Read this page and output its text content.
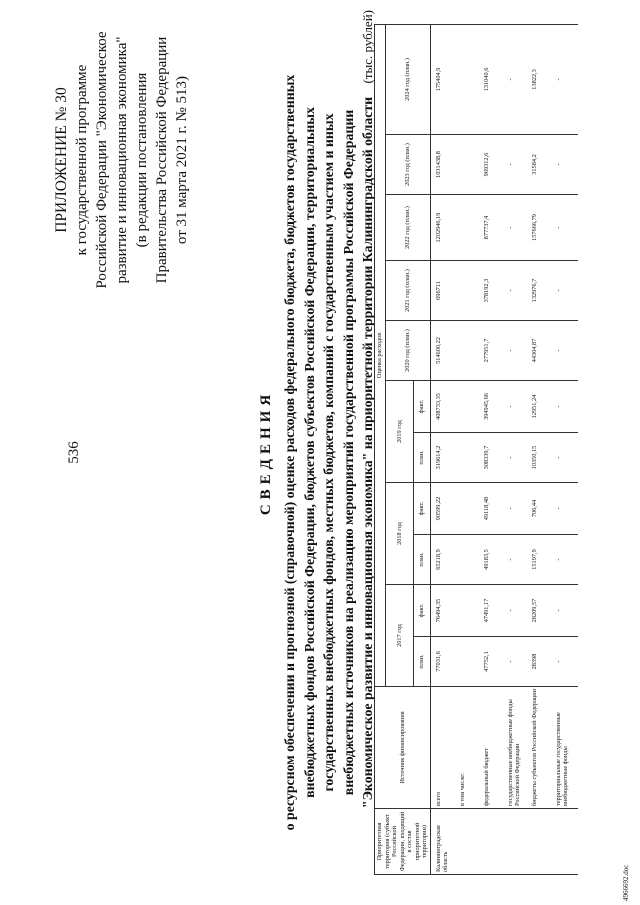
536
ПРИЛОЖЕНИЕ № 30 к государственной программе Российской Федерации "Экономическое развитие и инновационная экономика" (в редакции постановления Правительства Российской Федерации от 31 марта 2021 г. № 513)
СВЕДЕНИЯ о ресурсном обеспечении и прогнозной (справочной) оценке расходов федерального бюджета, бюджетов государственных внебюджетных фондов Российской Федерации, бюджетов субъектов Российской Федерации, территориальных государственных внебюджетных фондов, местных бюджетов, компаний с государственным участием и иных внебюджетных источников на реализацию мероприятий государственной программы Российской Федерации "Экономическое развитие и инновационная экономика" на приоритетной территории Калининградской области
(тыс. рублей)
Приоритетная территория (субъект Российской Федерации, входящий в состав приоритетной территории)	Источник финансирования	Оценка расходов										
		2017 год		2018 год		2019 год		2020 год (план.)	2021 год (план.)	2022 год (план.)	2023 год (план.)	2024 год (план.)
		план.	факт.	план.	факт.	план.	факт.					
Калининградская область	всего	77031,6	76494,35	65218,9	90599,22	319614,2	408733,35	514600,22	696711	1202946,19	1031438,8	175404,9
	в том числе:											
	федеральный бюджет	47752,1	47491,17	49183,5	49118,48	308339,7	394945,66	277951,7	378192,3	877737,4	969312,6	131040,6
	государственные внебюджетные фонды Российской Федерации	-	-	-	-	-	-	-	-	-	-	-
	бюджеты субъектов Российской Федерации	28398	28209,57	15197,9	706,44	10350,15	12951,24	44304,87	132976,7	157666,79	31584,2	13822,3
	территориальные государственные внебюджетные фонды	-	-	-	-	-	-	-	-	-	-	-
4966692.doc
